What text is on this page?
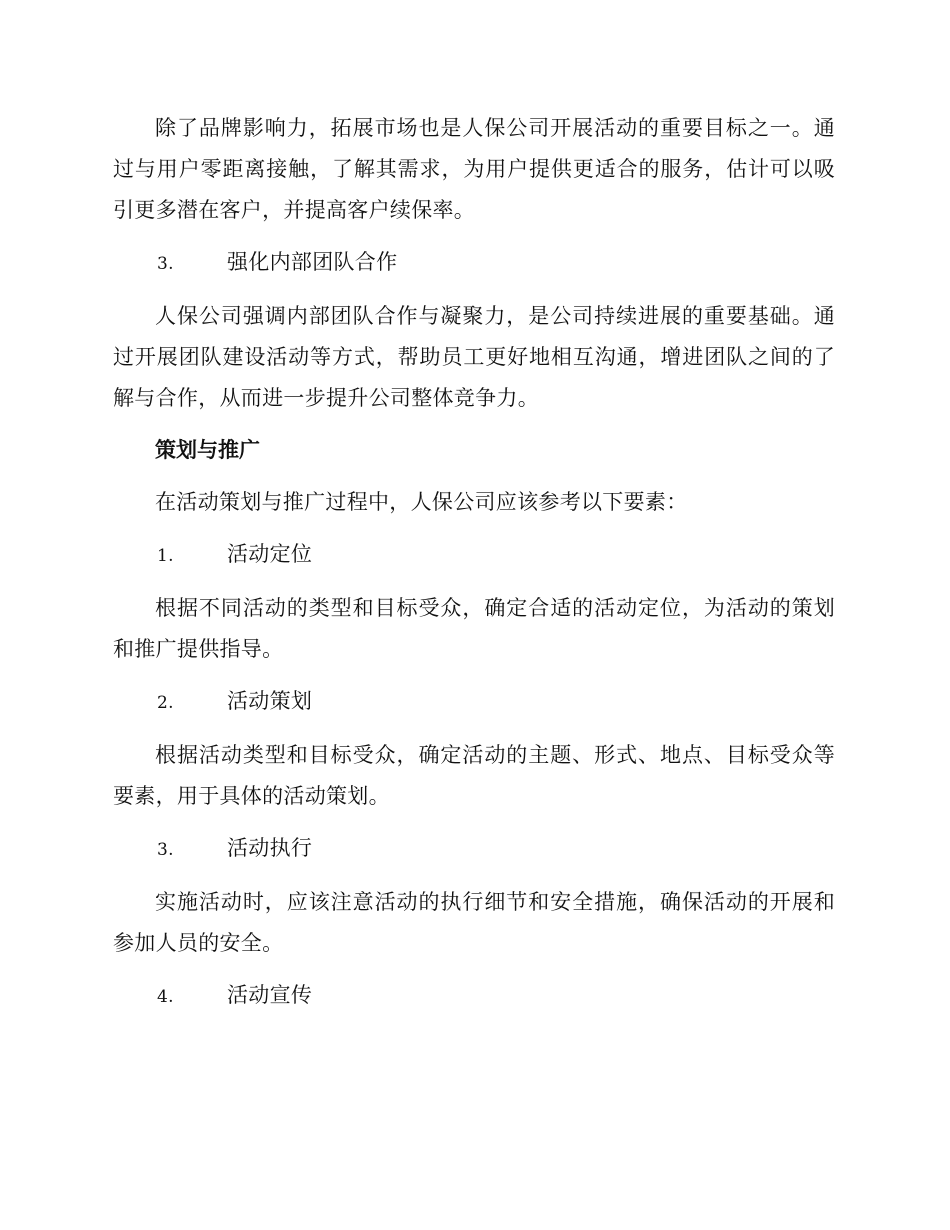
除了品牌影响力，拓展市场也是人保公司开展活动的重要目标之一。通过与用户零距离接触，了解其需求，为用户提供更适合的服务，估计可以吸引更多潜在客户，并提高客户续保率。

3.	强化内部团队合作

人保公司强调内部团队合作与凝聚力，是公司持续进展的重要基础。通过开展团队建设活动等方式，帮助员工更好地相互沟通，增进团队之间的了解与合作，从而进一步提升公司整体竞争力。

策划与推广

在活动策划与推广过程中，人保公司应该参考以下要素：

1.	活动定位

根据不同活动的类型和目标受众，确定合适的活动定位，为活动的策划和推广提供指导。

2.	活动策划

根据活动类型和目标受众，确定活动的主题、形式、地点、目标受众等要素，用于具体的活动策划。

3.	活动执行

实施活动时，应该注意活动的执行细节和安全措施，确保活动的开展和参加人员的安全。

4.	活动宣传
